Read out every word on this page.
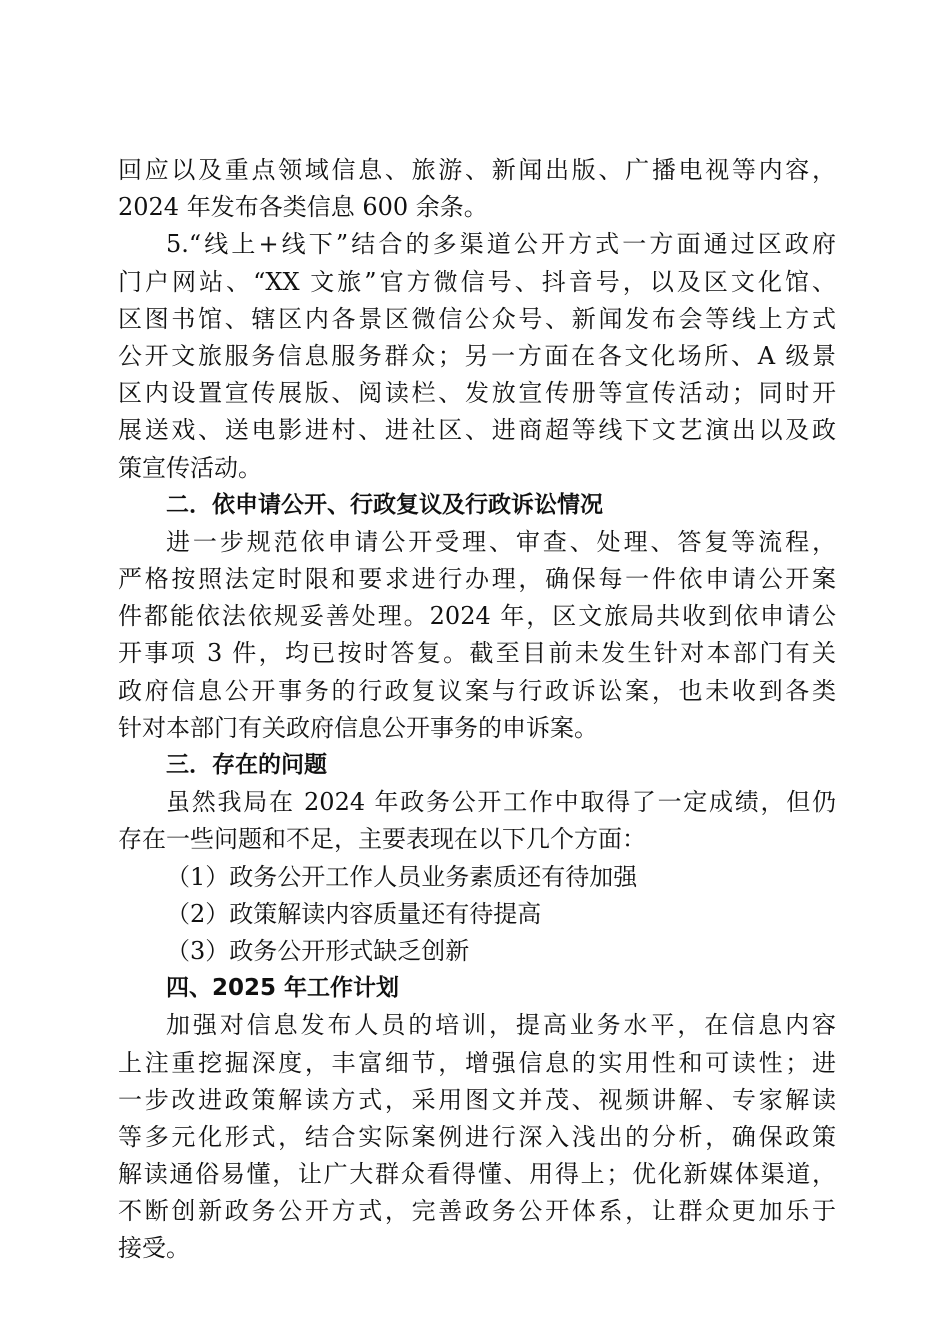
回应以及重点领域信息、旅游、新闻出版、广播电视等内容，
2024 年发布各类信息 600 余条。
5.“线上+线下”结合的多渠道公开方式一方面通过区政府
门户网站、“XX 文旅”官方微信号、抖音号，以及区文化馆、
区图书馆、辖区内各景区微信公众号、新闻发布会等线上方式
公开文旅服务信息服务群众；另一方面在各文化场所、A 级景
区内设置宣传展版、阅读栏、发放宣传册等宣传活动；同时开
展送戏、送电影进村、进社区、进商超等线下文艺演出以及政
策宣传活动。
二．依申请公开、行政复议及行政诉讼情况
进一步规范依申请公开受理、审查、处理、答复等流程，
严格按照法定时限和要求进行办理，确保每一件依申请公开案
件都能依法依规妥善处理。2024 年，区文旅局共收到依申请公
开事项 3 件，均已按时答复。截至目前未发生针对本部门有关
政府信息公开事务的行政复议案与行政诉讼案，也未收到各类
针对本部门有关政府信息公开事务的申诉案。
三．存在的问题
虽然我局在 2024 年政务公开工作中取得了一定成绩，但仍
存在一些问题和不足，主要表现在以下几个方面：
（1）政务公开工作人员业务素质还有待加强
（2）政策解读内容质量还有待提高
（3）政务公开形式缺乏创新
四、2025 年工作计划
加强对信息发布人员的培训，提高业务水平，在信息内容
上注重挖掘深度，丰富细节，增强信息的实用性和可读性；进
一步改进政策解读方式，采用图文并茂、视频讲解、专家解读
等多元化形式，结合实际案例进行深入浅出的分析，确保政策
解读通俗易懂，让广大群众看得懂、用得上；优化新媒体渠道，
不断创新政务公开方式，完善政务公开体系，让群众更加乐于
接受。
